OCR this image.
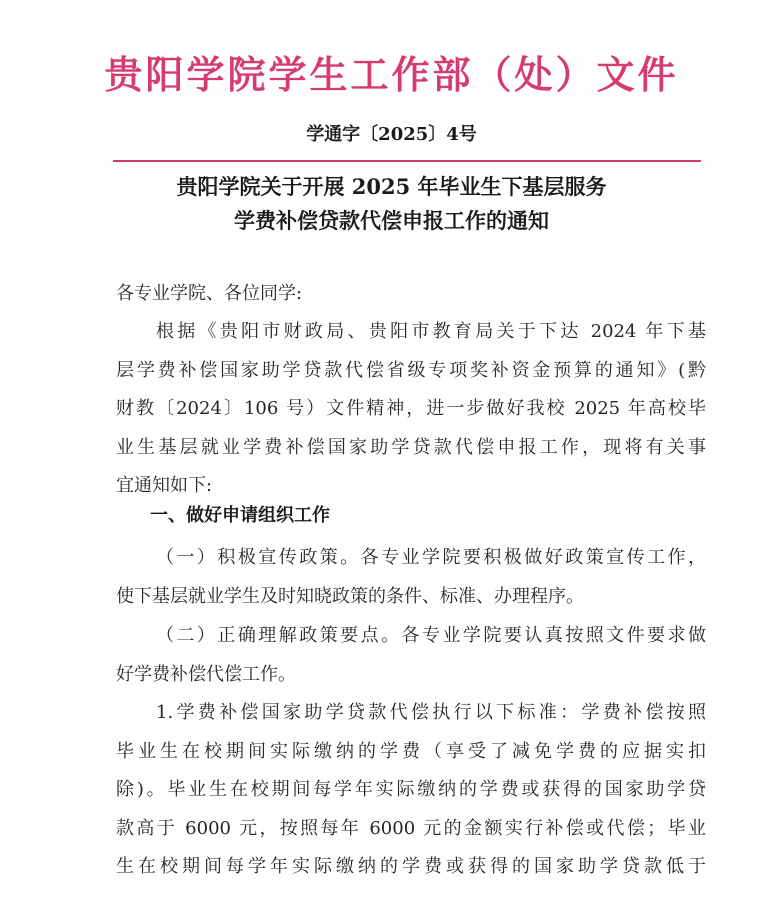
贵阳学院学生工作部（处）文件
学通字〔2025〕4号
贵阳学院关于开展 2025 年毕业生下基层服务
学费补偿贷款代偿申报工作的通知
各专业学院、各位同学:
根据《贵阳市财政局、贵阳市教育局关于下达 2024 年下基
层学费补偿国家助学贷款代偿省级专项奖补资金预算的通知》(黔
财教〔2024〕106 号）文件精神，进一步做好我校 2025 年高校毕
业生基层就业学费补偿国家助学贷款代偿申报工作，现将有关事
宜通知如下:
一、做好申请组织工作
（一）积极宣传政策。各专业学院要积极做好政策宣传工作，
使下基层就业学生及时知晓政策的条件、标准、办理程序。
（二）正确理解政策要点。各专业学院要认真按照文件要求做
好学费补偿代偿工作。
1.学费补偿国家助学贷款代偿执行以下标准：学费补偿按照
毕业生在校期间实际缴纳的学费（享受了减免学费的应据实扣
除)。毕业生在校期间每学年实际缴纳的学费或获得的国家助学贷
款高于 6000 元，按照每年 6000 元的金额实行补偿或代偿；毕业
生在校期间每学年实际缴纳的学费或获得的国家助学贷款低于
